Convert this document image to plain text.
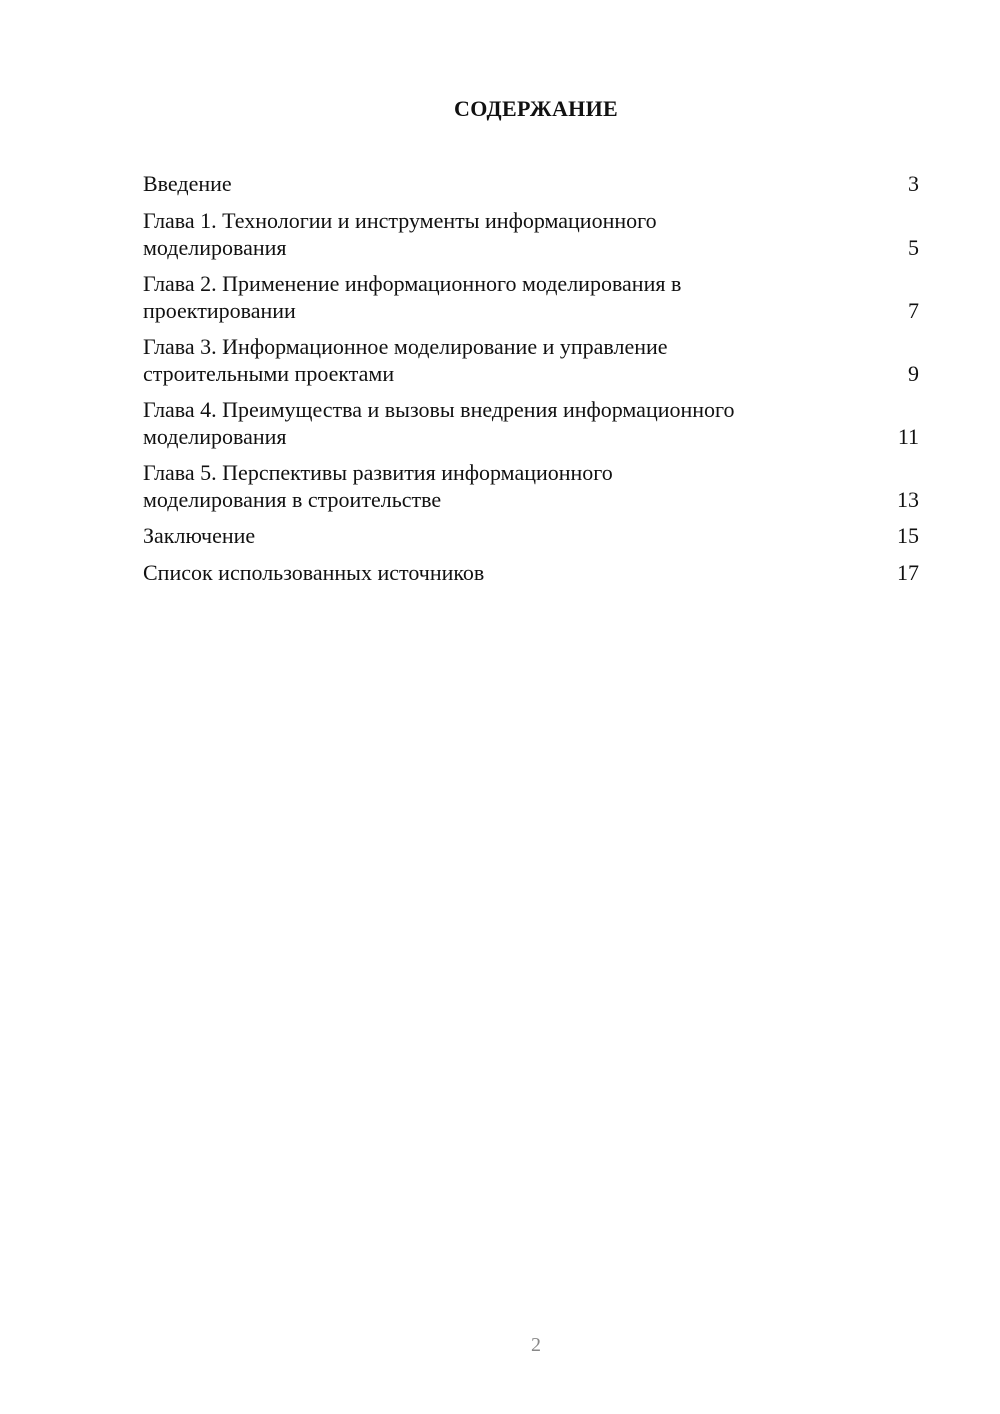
СОДЕРЖАНИЕ
Введение	3
Глава 1. Технологии и инструменты информационного
моделирования	5
Глава 2. Применение информационного моделирования в
проектировании	7
Глава 3. Информационное моделирование и управление
строительными проектами	9
Глава 4. Преимущества и вызовы внедрения информационного
моделирования	11
Глава 5. Перспективы развития информационного
моделирования в строительстве	13
Заключение	15
Список использованных источников	17
2
